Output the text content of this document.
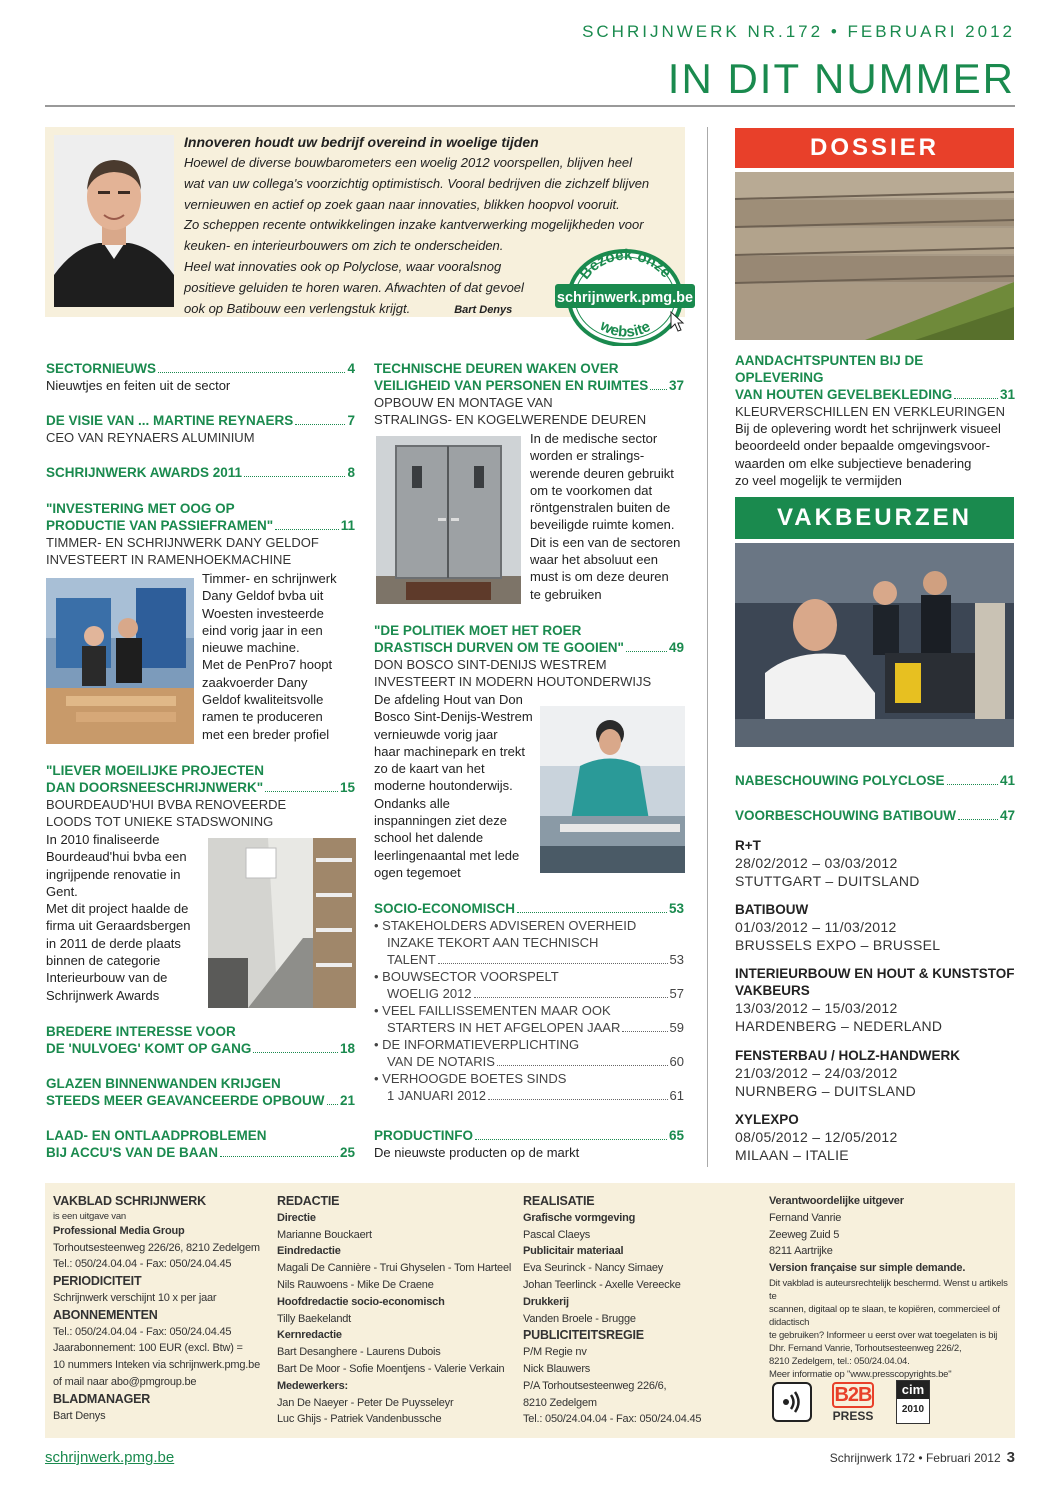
SCHRIJNWERK NR.172 • FEBRUARI 2012
IN DIT NUMMER
Innoveren houdt uw bedrijf overeind in woelige tijden
Hoewel de diverse bouwbarometers een woelig 2012 voorspellen, blijven heel
wat van uw collega's voorzichtig optimistisch. Vooral bedrijven die zichzelf blijven
vernieuwen en actief op zoek gaan naar innovaties, blikken hoopvol vooruit.
Zo scheppen recente ontwikkelingen inzake kantverwerking mogelijkheden voor
keuken- en interieurbouwers om zich te onderscheiden.
Heel wat innovaties ook op Polyclose, waar vooralsnog
positieve geluiden te horen waren. Afwachten of dat gevoel
ook op Batibouw een verlengstuk krijgt.	Bart Denys
Bezoek onze
schrijnwerk.pmg.be
website
SECTORNIEUWS	4
Nieuwtjes en feiten uit de sector
DE VISIE VAN ... MARTINE REYNAERS	7
CEO VAN REYNAERS ALUMINIUM
SCHRIJNWERK AWARDS 2011	8
"INVESTERING MET OOG OP
PRODUCTIE VAN PASSIEFRAMEN"	11
TIMMER- EN SCHRIJNWERK DANY GELDOF
INVESTEERT IN RAMENHOEKMACHINE
Timmer- en schrijnwerk
Dany Geldof bvba uit
Woesten investeerde
eind vorig jaar in een
nieuwe machine.
Met de PenPro7 hoopt
zaakvoerder Dany
Geldof kwaliteitsvolle
ramen te produceren
met een breder profiel
"LIEVER MOEILIJKE PROJECTEN
DAN DOORSNEESCHRIJNWERK"	15
BOURDEAUD'HUI BVBA RENOVEERDE
LOODS TOT UNIEKE STADSWONING
In 2010 finaliseerde
Bourdeaud'hui bvba een
ingrijpende renovatie in
Gent.
Met dit project haalde de
firma uit Geraardsbergen
in 2011 de derde plaats
binnen de categorie
Interieurbouw van de
Schrijnwerk Awards
BREDERE INTERESSE VOOR
DE 'NULVOEG' KOMT OP GANG	18
GLAZEN BINNENWANDEN KRIJGEN
STEEDS MEER GEAVANCEERDE OPBOUW 21
LAAD- EN ONTLAADPROBLEMEN
BIJ ACCU'S VAN DE BAAN	25
TECHNISCHE DEUREN WAKEN OVER
VEILIGHEID VAN PERSONEN EN RUIMTES 37
OPBOUW EN MONTAGE VAN
STRALINGS- EN KOGELWERENDE DEUREN
In de medische sector
worden er stralings-
werende deuren gebruikt
om te voorkomen dat
röntgenstralen buiten de
beveiligde ruimte komen.
Dit is een van de sectoren
waar het absoluut een
must is om deze deuren
te gebruiken
"DE POLITIEK MOET HET ROER
DRASTISCH DURVEN OM TE GOOIEN"	49
DON BOSCO SINT-DENIJS WESTREM
INVESTEERT IN MODERN HOUTONDERWIJS
De afdeling Hout van Don
Bosco Sint-Denijs-Westrem
vernieuwde vorig jaar
haar machinepark en trekt
zo de kaart van het
moderne houtonderwijs.
Ondanks alle
inspanningen ziet deze
school het dalende
leerlingenaantal met lede
ogen tegemoet
SOCIO-ECONOMISCH	53
• STAKEHOLDERS ADVISEREN OVERHEID
INZAKE TEKORT AAN TECHNISCH
TALENT	53
• BOUWSECTOR VOORSPELT
WOELIG 2012	57
• VEEL FAILLISSEMENTEN MAAR OOK
STARTERS IN HET AFGELOPEN JAAR	59
• DE INFORMATIEVERPLICHTING
VAN DE NOTARIS	60
• VERHOOGDE BOETES SINDS
1 JANUARI 2012	61
PRODUCTINFO	65
De nieuwste producten op de markt
DOSSIER
AANDACHTSPUNTEN BIJ DE OPLEVERING
VAN HOUTEN GEVELBEKLEDING	31
KLEURVERSCHILLEN EN VERKLEURINGEN
Bij de oplevering wordt het schrijnwerk visueel
beoordeeld onder bepaalde omgevingsvoor-
waarden om elke subjectieve benadering
zo veel mogelijk te vermijden
VAKBEURZEN
NABESCHOUWING POLYCLOSE	41
VOORBESCHOUWING BATIBOUW	47
R+T
28/02/2012 – 03/03/2012
STUTTGART – DUITSLAND
BATIBOUW
01/03/2012 – 11/03/2012
BRUSSELS EXPO – BRUSSEL
INTERIEURBOUW EN HOUT & KUNSTSTOF
VAKBEURS
13/03/2012 – 15/03/2012
HARDENBERG – NEDERLAND
FENSTERBAU / HOLZ-HANDWERK
21/03/2012 – 24/03/2012
NURNBERG – DUITSLAND
XYLEXPO
08/05/2012 – 12/05/2012
MILAAN – ITALIE
VAKBLAD SCHRIJNWERK
is een uitgave van
Professional Media Group
Torhoutsesteenweg 226/26, 8210 Zedelgem
Tel.: 050/24.04.04 - Fax: 050/24.04.45
PERIODICITEIT
Schrijnwerk verschijnt 10 x per jaar
ABONNEMENTEN
Tel.: 050/24.04.04 - Fax: 050/24.04.45
Jaarabonnement: 100 EUR (excl. Btw) =
10 nummers Inteken via schrijnwerk.pmg.be
of mail naar abo@pmgroup.be
BLADMANAGER
Bart Denys
REDACTIE
Directie
Marianne Bouckaert
Eindredactie
Magali De Cannière - Trui Ghyselen - Tom Harteel
Nils Rauwoens - Mike De Craene
Hoofdredactie socio-economisch
Tilly Baekelandt
Kernredactie
Bart Desanghere - Laurens Dubois
Bart De Moor - Sofie Moentjens - Valerie Verkain
Medewerkers:
Jan De Naeyer - Peter De Puysseleyr
Luc Ghijs - Patriek Vandenbussche
REALISATIE
Grafische vormgeving
Pascal Claeys
Publicitair materiaal
Eva Seurinck - Nancy Simaey
Johan Teerlinck - Axelle Vereecke
Drukkerij
Vanden Broele - Brugge
PUBLICITEITSREGIE
P/M Regie nv
Nick Blauwers
P/A Torhoutsesteenweg 226/6,
8210 Zedelgem
Tel.: 050/24.04.04 - Fax: 050/24.04.45
Verantwoordelijke uitgever
Fernand Vanrie
Zeeweg Zuid 5
8211 Aartrijke
Version française sur simple demande.
Dit vakblad is auteursrechtelijk beschermd. Wenst u artikels te
scannen, digitaal op te slaan, te kopiëren, commercieel of didactisch
te gebruiken? Informeer u eerst over wat toegelaten is bij
Dhr. Fernand Vanrie, Torhoutsesteenweg 226/2,
8210 Zedelgem, tel.: 050/24.04.04.
Meer informatie op "www.presscopyrights.be"
B2B
PRESS
cim
2010
schrijnwerk.pmg.be	Schrijnwerk 172 • Februari 2012 3
